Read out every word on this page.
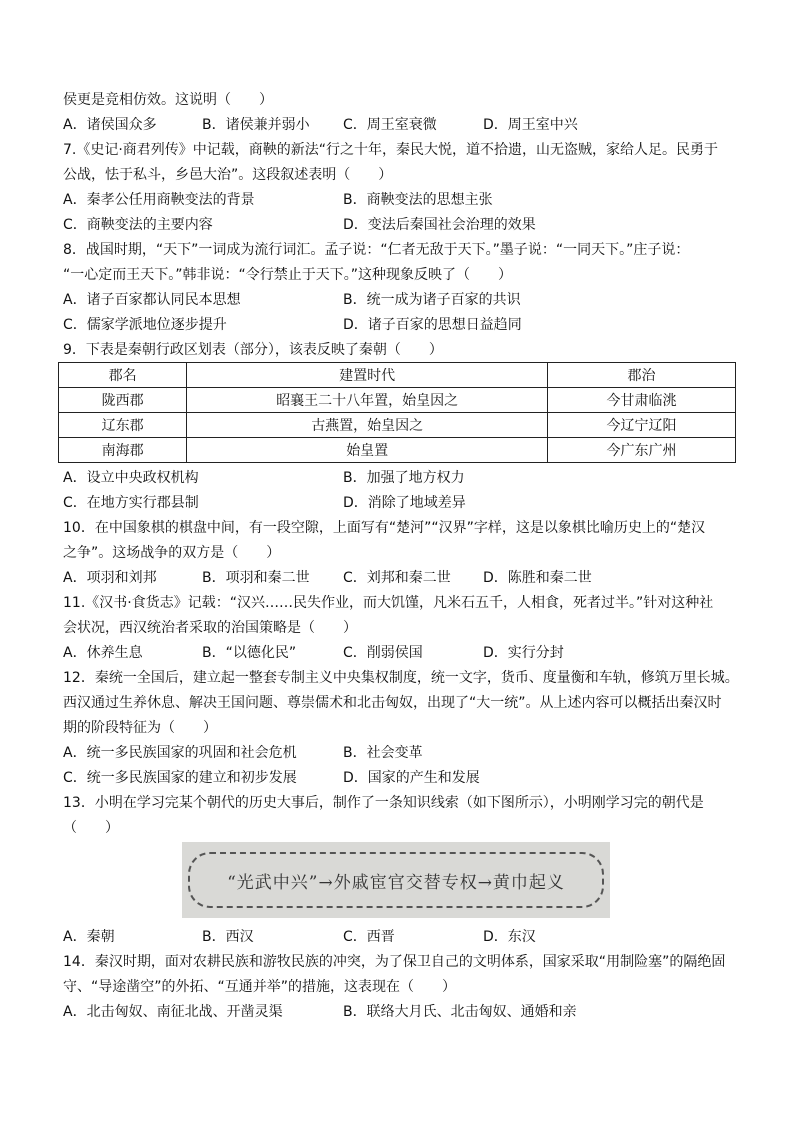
侯更是竞相仿效。这说明（　　）
A．诸侯国众多	B．诸侯兼并弱小 C．周王室衰微	D．周王室中兴
7.《史记·商君列传》中记载，商鞅的新法“行之十年，秦民大悦，道不拾遗，山无盗贼，家给人足。民勇于
公战，怯于私斗，乡邑大治”。这段叙述表明（　　）
A．秦孝公任用商鞅变法的背景	B．商鞅变法的思想主张
C．商鞅变法的主要内容	D．变法后秦国社会治理的效果
8．战国时期，“天下”一词成为流行词汇。孟子说：“仁者无敌于天下。”墨子说：“一同天下。”庄子说：
“一心定而王天下。”韩非说：“令行禁止于天下。”这种现象反映了（　　）
A．诸子百家都认同民本思想	B．统一成为诸子百家的共识
C．儒家学派地位逐步提升	D．诸子百家的思想日益趋同
9．下表是秦朝行政区划表（部分），该表反映了秦朝（　　）
郡名	建置时代	郡治
陇西郡	昭襄王二十八年置，始皇因之	今甘肃临洮
辽东郡	古燕置，始皇因之	今辽宁辽阳
南海郡	始皇置	今广东广州
A．设立中央政权机构	B．加强了地方权力
C．在地方实行郡县制	D．消除了地域差异
10．在中国象棋的棋盘中间，有一段空隙，上面写有“楚河”“汉界”字样，这是以象棋比喻历史上的“楚汉
之争”。这场战争的双方是（　　）
A．项羽和刘邦	B．项羽和秦二世 C．刘邦和秦二世 D．陈胜和秦二世
11.《汉书·食货志》记载：“汉兴……民失作业，而大饥馑，凡米石五千，人相食，死者过半。”针对这种社
会状况，西汉统治者采取的治国策略是（　　）
A．休养生息	B．“以德化民”	C．削弱侯国	D．实行分封
12．秦统一全国后，建立起一整套专制主义中央集权制度，统一文字，货币、度量衡和车轨，修筑万里长城。
西汉通过生养休息、解决王国问题、尊崇儒术和北击匈奴，出现了“大一统”。从上述内容可以概括出秦汉时
期的阶段特征为（　　）
A．统一多民族国家的巩固和社会危机	B．社会变革
C．统一多民族国家的建立和初步发展	D．国家的产生和发展
13．小明在学习完某个朝代的历史大事后，制作了一条知识线索（如下图所示），小明刚学习完的朝代是
（　　）
“光武中兴”→外戚宦官交替专权→黄巾起义
A．秦朝	B．西汉	C．西晋	D．东汉
14．秦汉时期，面对农耕民族和游牧民族的冲突，为了保卫自己的文明体系，国家采取“用制险塞”的隔绝固
守、“导途凿空”的外拓、“互通并举”的措施，这表现在（　　）
A．北击匈奴、南征北战、开凿灵渠	B．联络大月氏、北击匈奴、通婚和亲
